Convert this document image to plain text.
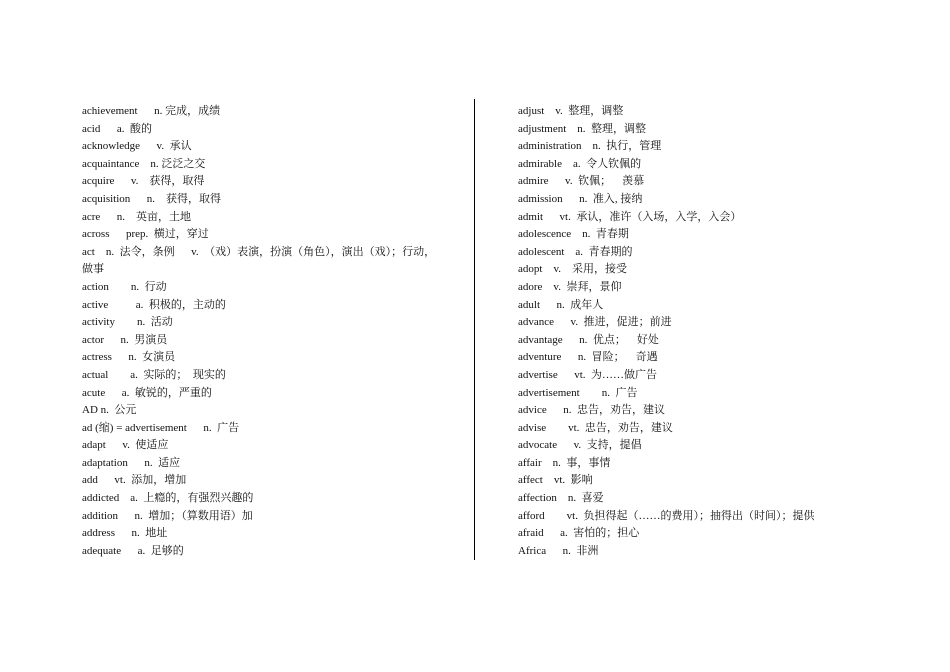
achievement      n. 完成，成绩
acid      a.  酸的
acknowledge      v.  承认
acquaintance    n. 泛泛之交
acquire      v.    获得，取得
acquisition      n.    获得，取得
acre      n.    英亩，土地
across      prep.  横过，穿过
act    n.  法令，条例      v.  （戏）表演，扮演（角色），演出（戏）；行动，做事
action        n.  行动
active          a.  积极的，主动的
activity        n.  活动
actor      n.  男演员
actress      n.  女演员
actual        a.  实际的；  现实的
acute      a.  敏锐的，严重的
AD n.  公元
ad (缩) = advertisement      n.  广告
adapt      v.  使适应
adaptation      n.  适应
add      vt.  添加，增加
addicted    a.  上瘾的，有强烈兴趣的
addition      n.  增加；（算数用语）加
address      n.  地址
adequate      a.  足够的
adjust    v.  整理，调整
adjustment    n.  整理，调整
administration    n.  执行，管理
admirable    a.  令人钦佩的
admire      v.  钦佩；    羡慕
admission      n.  准入, 接纳
admit      vt.  承认，准许（入场，入学，入会）
adolescence    n.  青春期
adolescent    a.  青春期的
adopt    v.    采用，接受
adore    v.  崇拜，景仰
adult      n.  成年人
advance      v.  推进，促进；前进
advantage      n.  优点；    好处
adventure      n.  冒险；    奇遇
advertise      vt.  为……做广告
advertisement        n.  广告
advice      n.  忠告，劝告，建议
advise        vt.  忠告，劝告，建议
advocate      v.  支持，提倡
affair    n.  事，事情
affect    vt.  影响
affection    n.  喜爱
afford        vt.  负担得起（……的费用）；抽得出（时间）；提供
afraid      a.  害怕的；担心
Africa      n.  非洲
